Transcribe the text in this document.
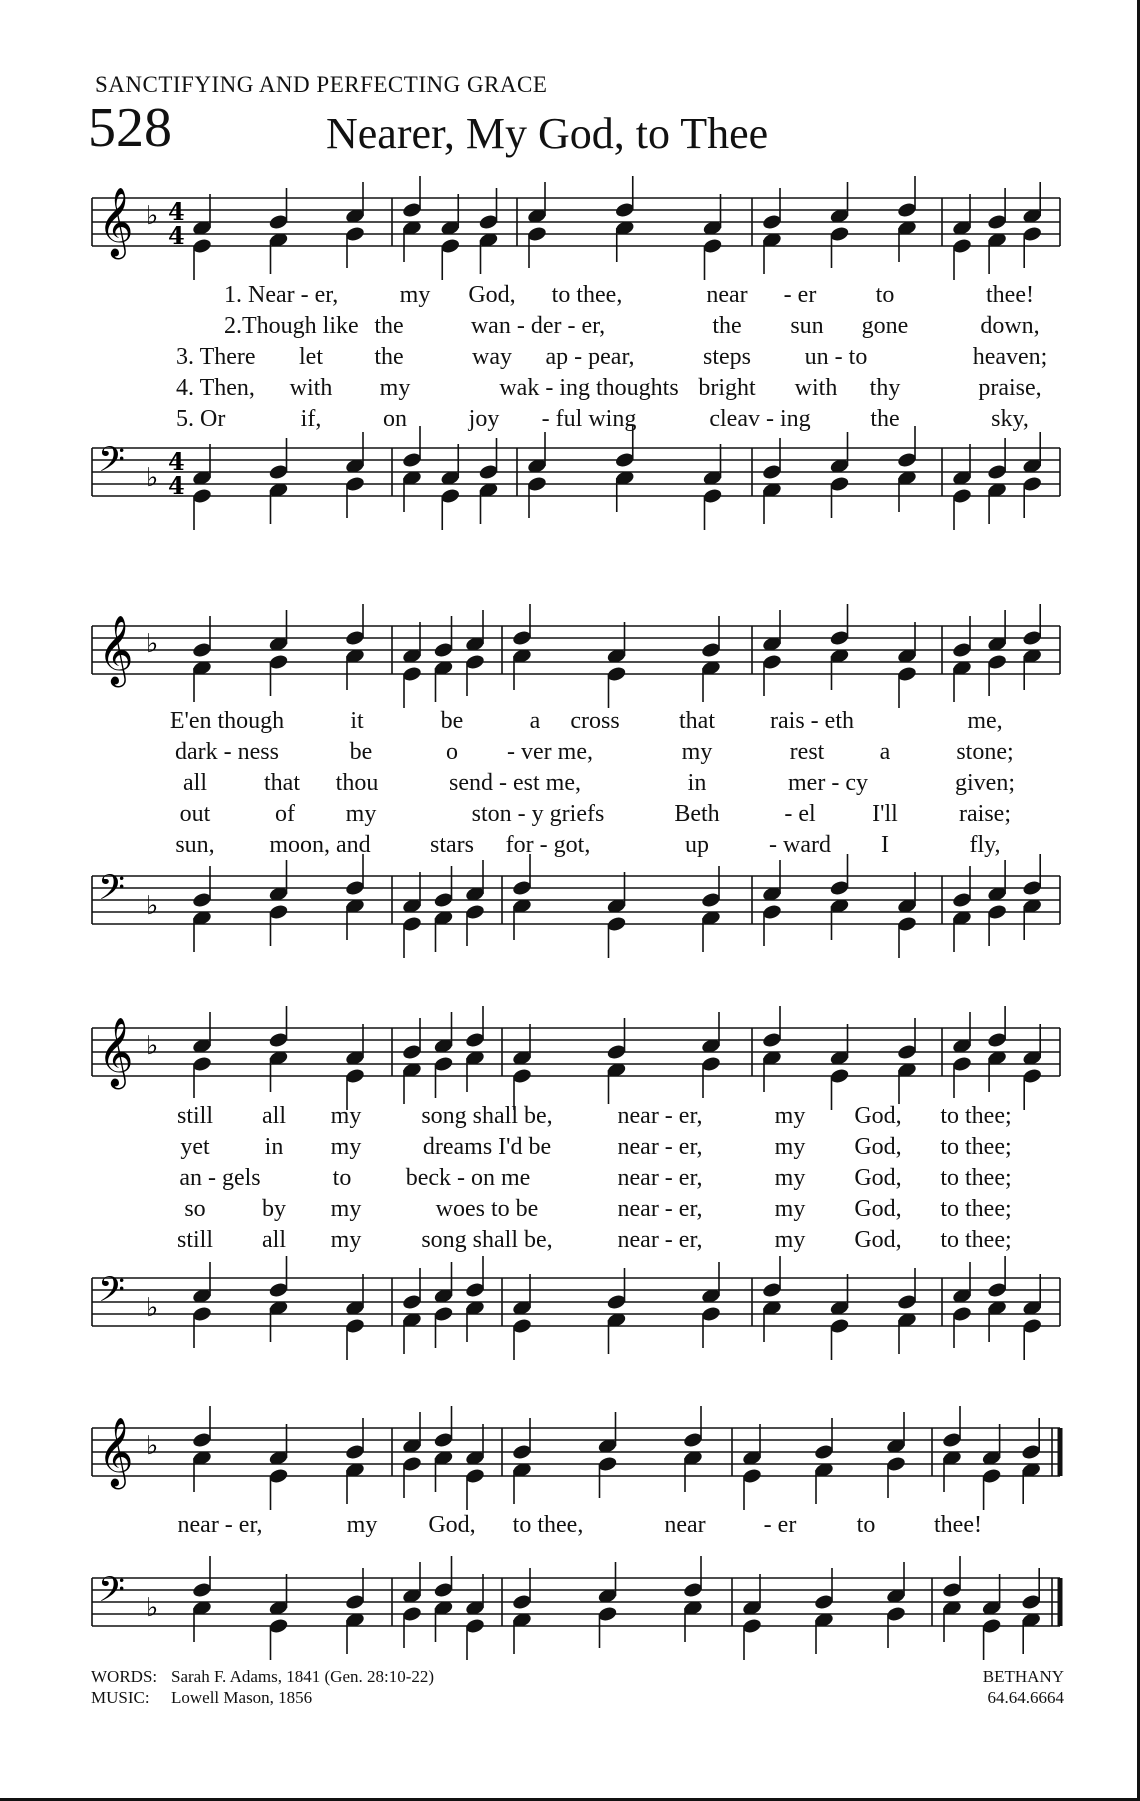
SANCTIFYING AND PERFECTING GRACE
528	Nearer, My God, to Thee
𝄞 ♭ 4
4
1. Near - er,	my God, to thee,	near - er to	thee!
2.Though like the	wan - der - er,	the sun gone	down,
3. There let the	way ap - pear,	steps un - to	heaven;
4. Then, with my	wak - ing thoughts bright with thy	praise,
5. Or	if,	on	joy - ful wing	cleav - ing the	sky,
𝄢 ♭
4
4
𝄞 ♭
E'en though	it	be	a cross that rais - eth	me,
dark - ness	be	o - ver me,	my	rest a	stone;
all that thou	send - est me,	in	mer - cy	given;
out	of my	ston - y griefs	Beth	- el I'll	raise;
sun, moon, and stars for - got,	up	- ward I	fly,
𝄢 ♭
𝄞 ♭
still all my	song shall be,	near - er,	my God, to thee;
yet in my	dreams I'd be	near - er,	my God, to thee;
an - gels	to beck - on me	near - er,	my God, to thee;
so by my	woes to be	near - er,	my God, to thee;
still all my	song shall be,	near - er,	my God, to thee;
𝄢 ♭
𝄞 ♭
near - er,	my God, to thee,	near - er	to thee!
𝄢 ♭
WORDS: Sarah F. Adams, 1841 (Gen. 28:10-22)
MUSIC: Lowell Mason, 1856
BETHANY
64.64.6664
